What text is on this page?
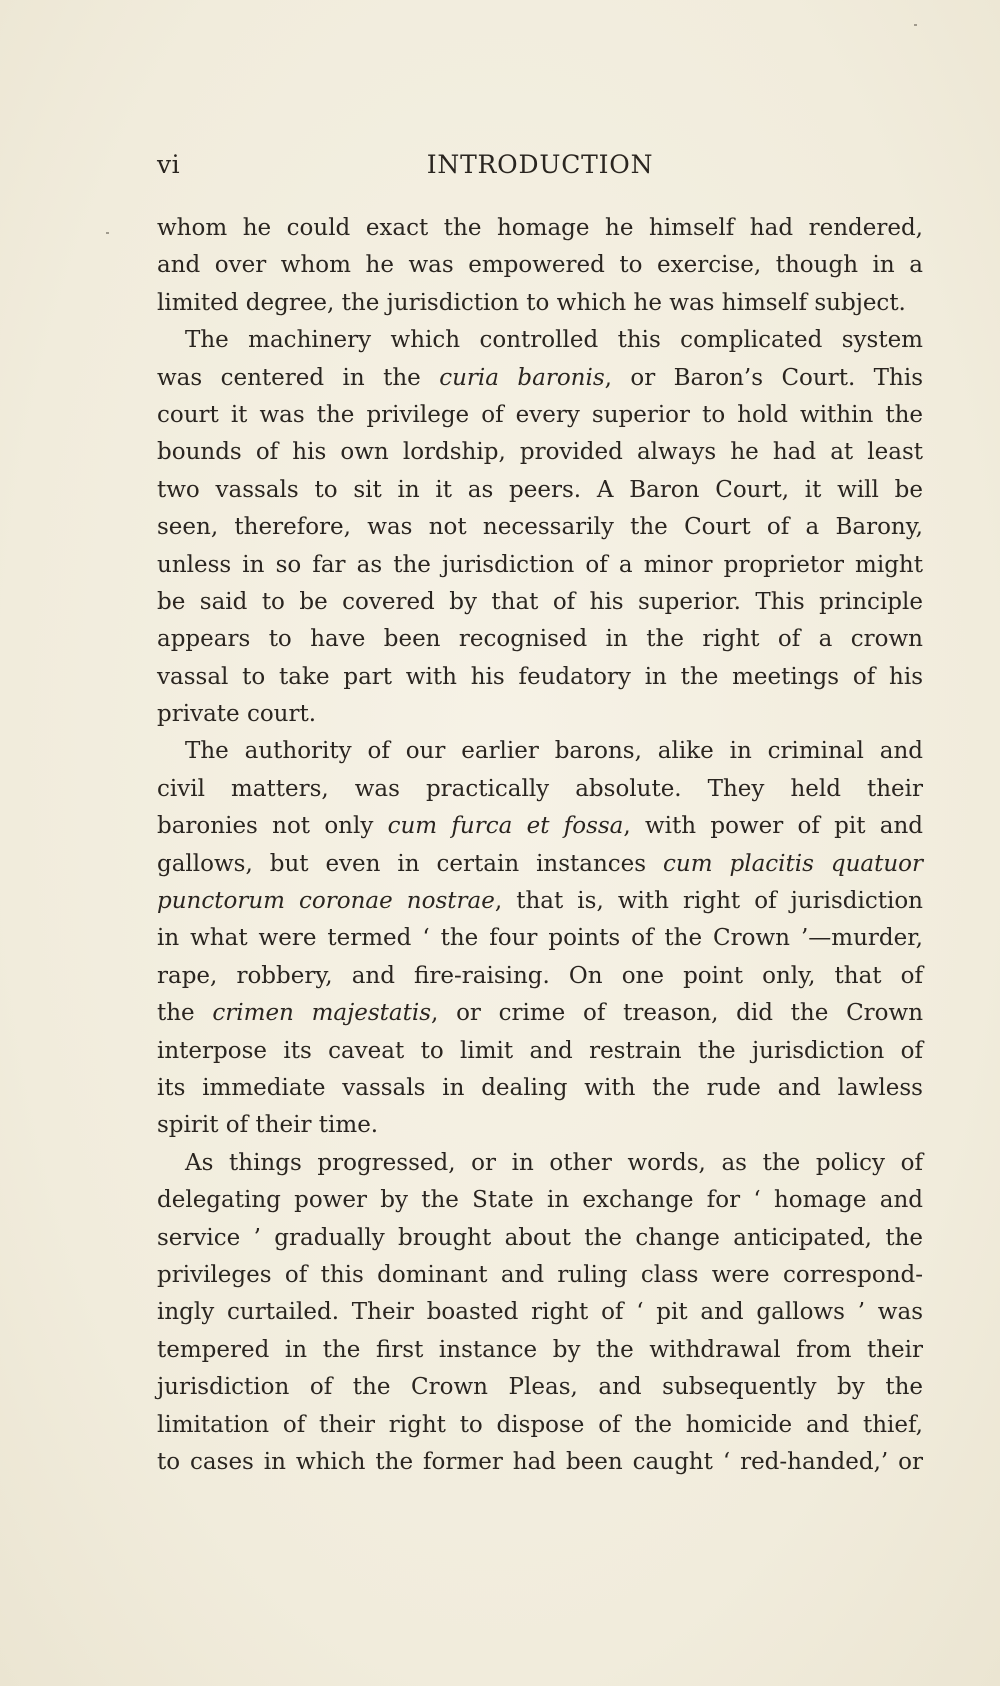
vi	INTRODUCTION
whom he could exact the homage he himself had rendered,
and over whom he was empowered to exercise, though in a
limited degree, the jurisdiction to which he was himself subject.
The machinery which controlled this complicated system
was centered in the curia baronis, or Baron’s Court. This
court it was the privilege of every superior to hold within the
bounds of his own lordship, provided always he had at least
two vassals to sit in it as peers. A Baron Court, it will be
seen, therefore, was not necessarily the Court of a Barony,
unless in so far as the jurisdiction of a minor proprietor might
be said to be covered by that of his superior. This principle
appears to have been recognised in the right of a crown
vassal to take part with his feudatory in the meetings of his
private court.
The authority of our earlier barons, alike in criminal and
civil matters, was practically absolute. They held their
baronies not only cum furca et fossa, with power of pit and
gallows, but even in certain instances cum placitis quatuor
punctorum coronae nostrae, that is, with right of jurisdiction
in what were termed ‘ the four points of the Crown ’—murder,
rape, robbery, and fire-raising. On one point only, that of
the crimen majestatis, or crime of treason, did the Crown
interpose its caveat to limit and restrain the jurisdiction of
its immediate vassals in dealing with the rude and lawless
spirit of their time.
As things progressed, or in other words, as the policy of
delegating power by the State in exchange for ‘ homage and
service ’ gradually brought about the change anticipated, the
privileges of this dominant and ruling class were correspond-
ingly curtailed. Their boasted right of ‘ pit and gallows ’ was
tempered in the first instance by the withdrawal from their
jurisdiction of the Crown Pleas, and subsequently by the
limitation of their right to dispose of the homicide and thief,
to cases in which the former had been caught ‘ red-handed,’ or
